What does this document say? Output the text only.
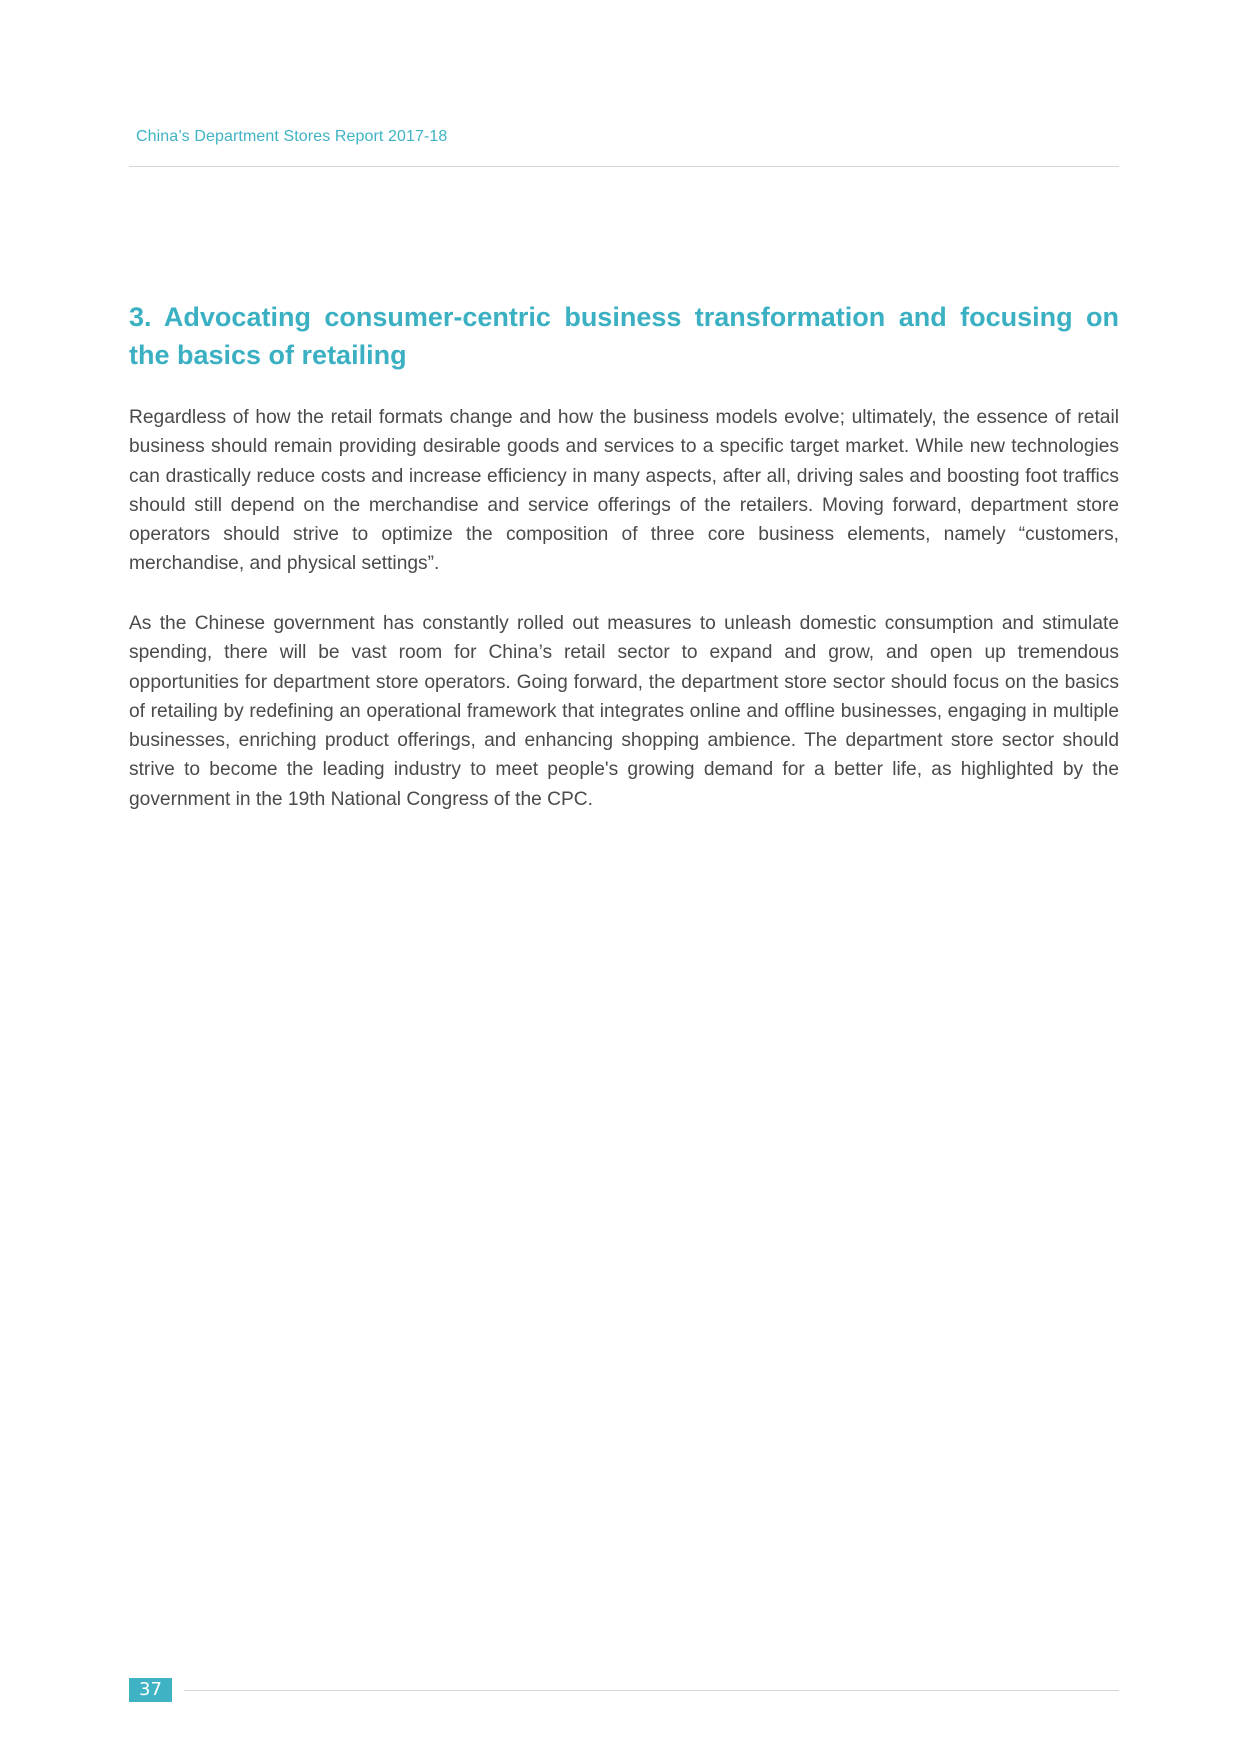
China’s Department Stores Report 2017-18
3. Advocating consumer-centric business transformation and focusing on the basics of retailing

Regardless of how the retail formats change and how the business models evolve; ultimately, the essence of retail business should remain providing desirable goods and services to a specific target market. While new technologies can drastically reduce costs and increase efficiency in many aspects, after all, driving sales and boosting foot traffics should still depend on the merchandise and service offerings of the retailers. Moving forward, department store operators should strive to optimize the composition of three core business elements, namely “customers, merchandise, and physical settings”.

As the Chinese government has constantly rolled out measures to unleash domestic consumption and stimulate spending, there will be vast room for China’s retail sector to expand and grow, and open up tremendous opportunities for department store operators. Going forward, the department store sector should focus on the basics of retailing by redefining an operational framework that integrates online and offline businesses, engaging in multiple businesses, enriching product offerings, and enhancing shopping ambience. The department store sector should strive to become the leading industry to meet people's growing demand for a better life, as highlighted by the government in the 19th National Congress of the CPC.

37
